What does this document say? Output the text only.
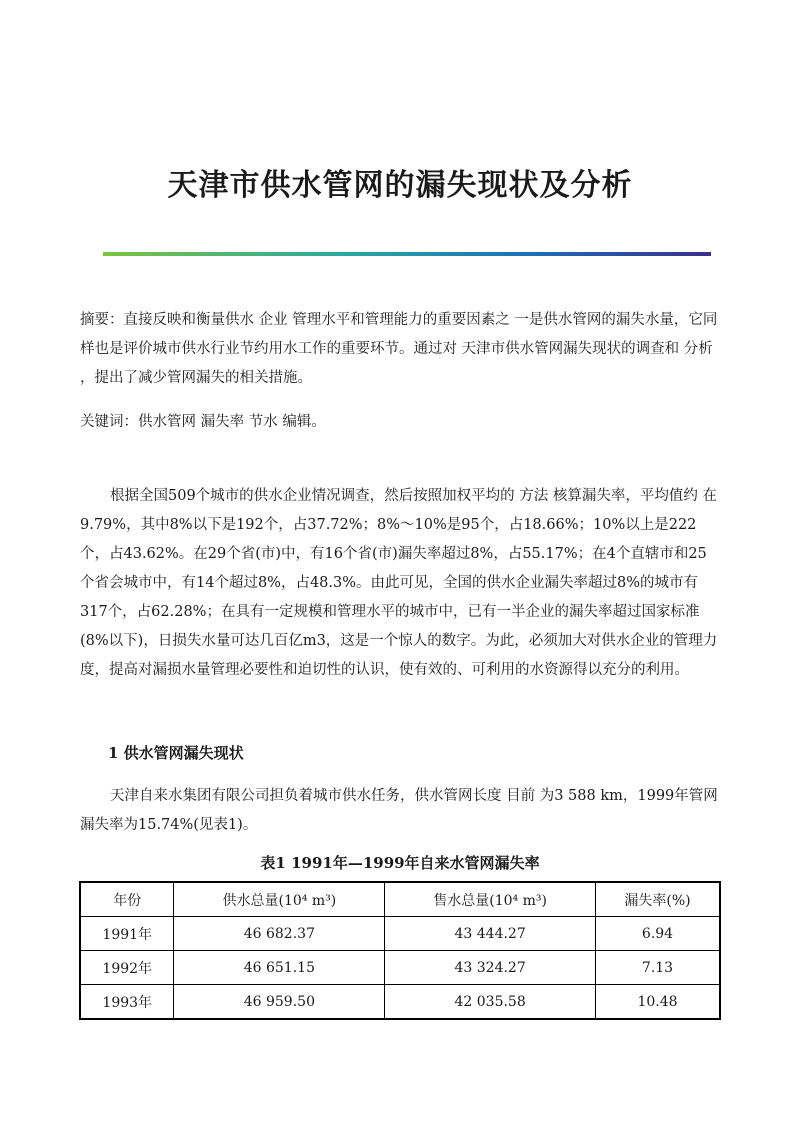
天津市供水管网的漏失现状及分析
摘要：直接反映和衡量供水 企业 管理水平和管理能力的重要因素之 一是供水管网的漏失水量，它同样也是评价城市供水行业节约用水工作的重要环节。通过对 天津市供水管网漏失现状的调查和 分析 ，提出了减少管网漏失的相关措施。
关键词：供水管网 漏失率 节水 编辑。
根据全国509个城市的供水企业情况调查，然后按照加权平均的 方法 核算漏失率，平均值约 在9.79%，其中8%以下是192个，占37.72%；8%～10%是95个，占18.66%；10%以上是222个，占43.62%。在29个省(市)中，有16个省(市)漏失率超过8%，占55.17%；在4个直辖市和25个省会城市中，有14个超过8%，占48.3%。由此可见，全国的供水企业漏失率超过8%的城市有317个，占62.28%；在具有一定规模和管理水平的城市中，已有一半企业的漏失率超过国家标准(8%以下)，日损失水量可达几百亿m3，这是一个惊人的数字。为此，必须加大对供水企业的管理力度，提高对漏损水量管理必要性和迫切性的认识，使有效的、可利用的水资源得以充分的利用。
1 供水管网漏失现状
天津自来水集团有限公司担负着城市供水任务，供水管网长度 目前 为3 588 km，1999年管网漏失率为15.74%(见表1)。
表1 1991年—1999年自来水管网漏失率
年份	供水总量(10⁴ m³)	售水总量(10⁴ m³)	漏失率(%)
1991年	46 682.37	43 444.27	6.94
1992年	46 651.15	43 324.27	7.13
1993年	46 959.50	42 035.58	10.48
